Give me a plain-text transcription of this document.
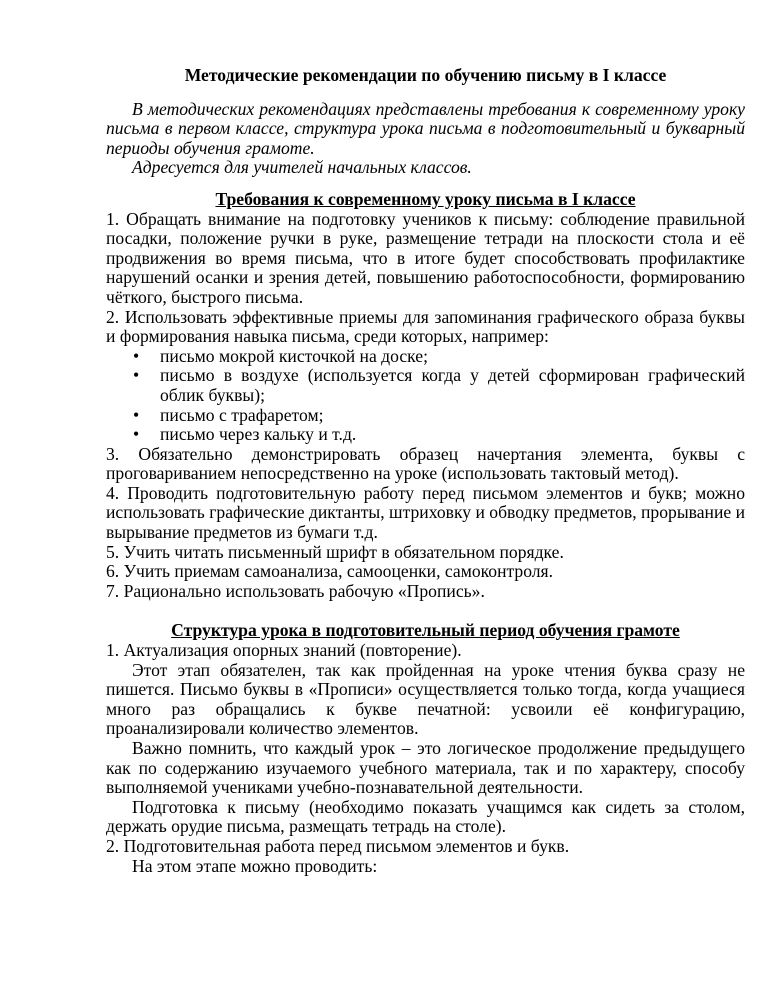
Методические рекомендации по обучению письму в I классе

В методических рекомендациях представлены требования к современному уроку письма в первом классе, структура урока письма в подготовительный и букварный периоды обучения грамоте.

Адресуется для учителей начальных классов.

Требования к современному уроку письма в I классе

1. Обращать внимание на подготовку учеников к письму: соблюдение правильной посадки, положение ручки в руке, размещение тетради на плоскости стола и её продвижения во время письма, что в итоге будет способствовать профилактике нарушений осанки и зрения детей, повышению работоспособности, формированию чёткого, быстрого письма.

2. Использовать эффективные приемы для запоминания графического образа буквы и формирования навыка письма, среди которых, например:

•	письмо мокрой кисточкой на доске;
•	письмо в воздухе (используется когда у детей сформирован графический облик буквы);
•	письмо с трафаретом;
•	письмо через кальку и т.д.

3. Обязательно демонстрировать образец начертания элемента, буквы с проговариванием непосредственно на уроке (использовать тактовый метод).

4. Проводить подготовительную работу перед письмом элементов и букв; можно использовать графические диктанты, штриховку и обводку предметов, прорывание и вырывание предметов из бумаги т.д.

5. Учить читать письменный шрифт в обязательном порядке.

6. Учить приемам самоанализа, самооценки, самоконтроля.

7. Рационально использовать рабочую «Пропись».

Структура урока в подготовительный период обучения грамоте

1. Актуализация опорных знаний (повторение).

Этот этап обязателен, так как пройденная на уроке чтения буква сразу не пишется. Письмо буквы в «Прописи» осуществляется только тогда, когда учащиеся много раз обращались к букве печатной: усвоили её конфигурацию, проанализировали количество элементов.

Важно помнить, что каждый урок – это логическое продолжение предыдущего как по содержанию изучаемого учебного материала, так и по характеру, способу выполняемой учениками учебно-познавательной деятельности.

Подготовка к письму (необходимо показать учащимся как сидеть за столом, держать орудие письма, размещать тетрадь на столе).

2. Подготовительная работа перед письмом элементов и букв.

На этом этапе можно проводить:
